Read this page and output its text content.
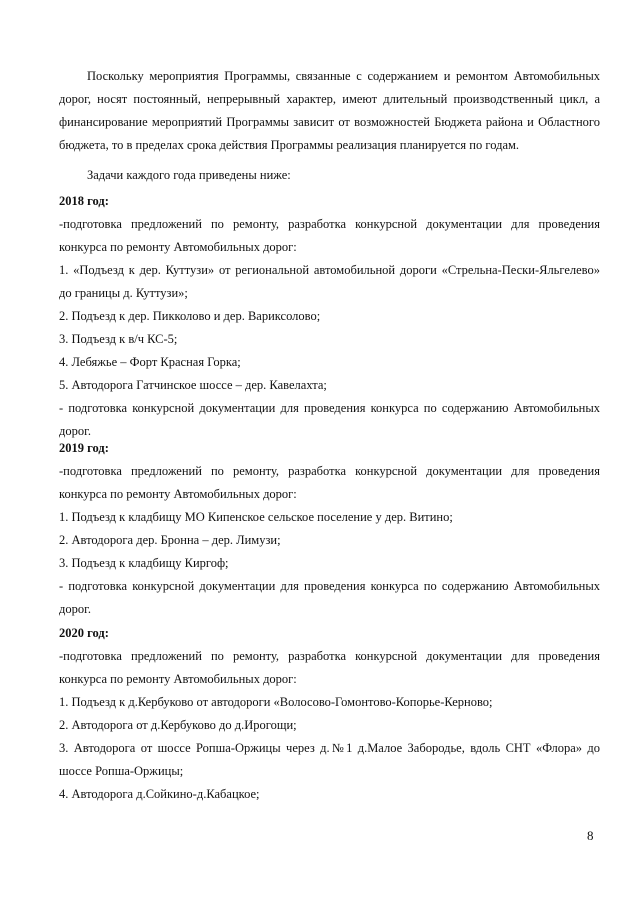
Поскольку мероприятия Программы, связанные с содержанием и ремонтом Автомобильных дорог, носят постоянный, непрерывный характер, имеют длительный производственный цикл, а финансирование мероприятий Программы зависит от возможностей Бюджета района и Областного бюджета, то в пределах срока действия Программы реализация планируется по годам.

Задачи каждого года приведены ниже:

2018 год:

-подготовка предложений по ремонту, разработка конкурсной документации для проведения конкурса по ремонту Автомобильных дорог:

1. «Подъезд к дер. Куттузи» от региональной автомобильной дороги «Стрельна-Пески-Яльгелево» до границы д. Куттузи»;

2. Подъезд к дер. Пикколово и дер. Вариксолово;

3. Подъезд к в/ч КС-5;

4. Лебяжье – Форт Красная Горка;

5. Автодорога Гатчинское шоссе – дер. Кавелахта;

- подготовка конкурсной документации для проведения конкурса по содержанию Автомобильных дорог.

2019 год:

-подготовка предложений по ремонту, разработка конкурсной документации для проведения конкурса по ремонту Автомобильных дорог:

1. Подъезд к кладбищу МО Кипенское сельское поселение у дер. Витино;

2. Автодорога дер. Бронна – дер. Лимузи;

3. Подъезд к кладбищу Киргоф;

- подготовка конкурсной документации для проведения конкурса по содержанию Автомобильных дорог.

2020 год:

-подготовка предложений по ремонту, разработка конкурсной документации для проведения конкурса по ремонту Автомобильных дорог:

1. Подъезд к д.Кербуково от автодороги «Волосово-Гомонтово-Копорье-Керново;

2. Автодорога от д.Кербуково до д.Ирогощи;

3. Автодорога от шоссе Ропша-Оржицы через д.№1 д.Малое Забородье, вдоль СНТ «Флора» до шоссе Ропша-Оржицы;

4. Автодорога д.Сойкино-д.Кабацкое;

8
